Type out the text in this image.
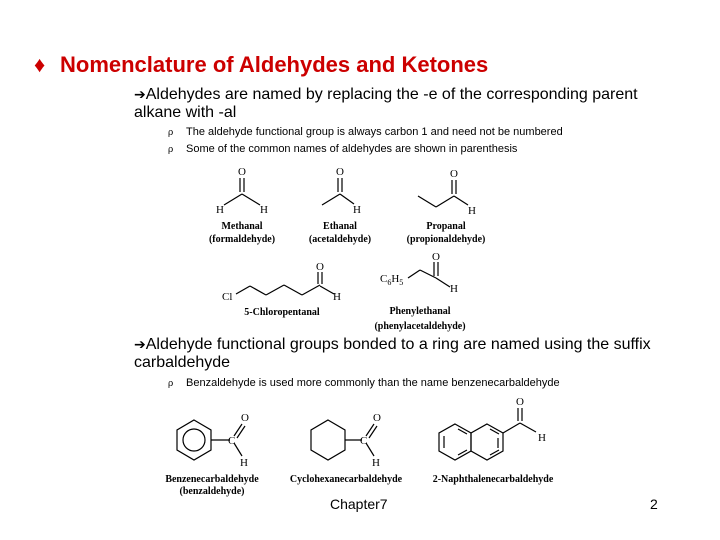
♦ Nomenclature of Aldehydes and Ketones
➔Aldehydes are named by replacing the -e of the corresponding parent alkane with -al
ρ The aldehyde functional group is always carbon 1 and need not be numbered
ρ Some of the common names of aldehydes are shown in parenthesis
O
H	H
O
H
O
H
Cl
O
H
$C_6H_5$
O
H
Methanal
(formaldehyde)
Ethanal
(acetaldehyde)
Propanal
(propionaldehyde)
5-Chloropentanal	Phenylethanal
(phenylacetaldehyde)
C
O
H
C
O
H
O
H
Benzenecarbaldehyde
(benzaldehyde)
Cyclohexanecarbaldehyde	2-Naphthalenecarbaldehyde
➔Aldehyde functional groups bonded to a ring are named using the suffix carbaldehyde
ρ Benzaldehyde is used more commonly than the name benzenecarbaldehyde
Chapter7	2
